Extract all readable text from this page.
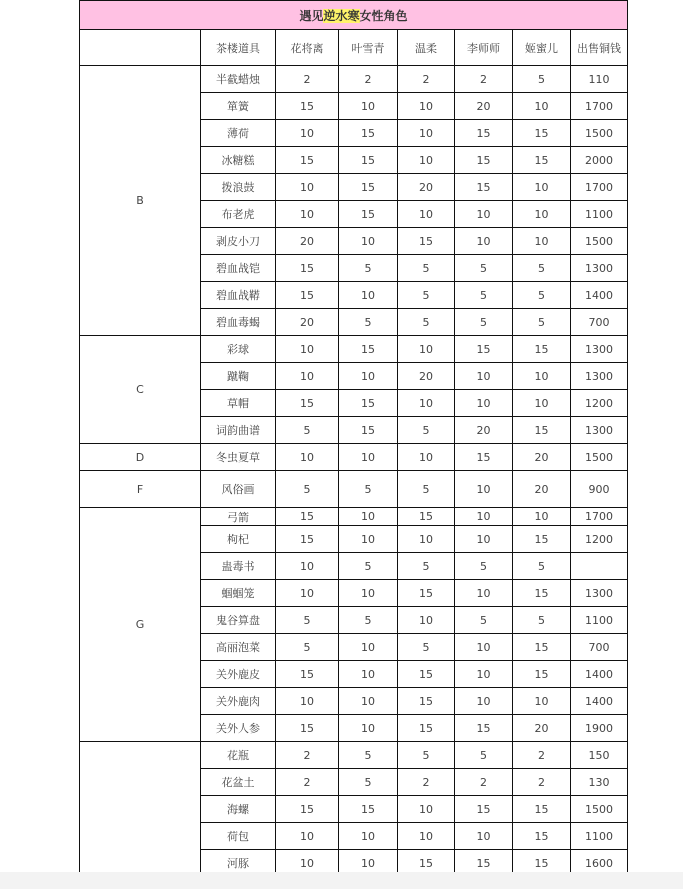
遇见逆水寒女性角色							
	茶楼道具	花将离	叶雪青	温柔	李师师	姬蜜儿	出售铜钱
B	半截蜡烛	2	2	2	2	5	110
	箪簧	15	10	10	20	10	1700
	薄荷	10	15	10	15	15	1500
	冰糖糕	15	15	10	15	15	2000
	拨浪鼓	10	15	20	15	10	1700
	布老虎	10	15	10	10	10	1100
	剥皮小刀	20	10	15	10	10	1500
	碧血战铠	15	5	5	5	5	1300
	碧血战鞯	15	10	5	5	5	1400
	碧血毒蝎	20	5	5	5	5	700
C	彩球	10	15	10	15	15	1300
	蹴鞠	10	10	20	10	10	1300
	草帽	15	15	10	10	10	1200
	词韵曲谱	5	15	5	20	15	1300
D	冬虫夏草	10	10	10	15	20	1500
F	风俗画	5	5	5	10	20	900
G	弓箭	15	10	15	10	10	1700
	枸杞	15	10	10	10	15	1200
	蛊毒书	10	5	5	5	5	
	蝈蝈笼	10	10	15	10	15	1300
	鬼谷算盘	5	5	10	5	5	1100
	高丽泡菜	5	10	5	10	15	700
	关外鹿皮	15	10	15	10	15	1400
	关外鹿肉	10	10	15	10	10	1400
	关外人参	15	10	15	15	20	1900
	花瓶	2	5	5	5	2	150
	花盆土	2	5	2	2	2	130
	海螺	15	15	10	15	15	1500
	荷包	10	10	10	10	15	1100
	河豚	10	10	15	15	15	1600
